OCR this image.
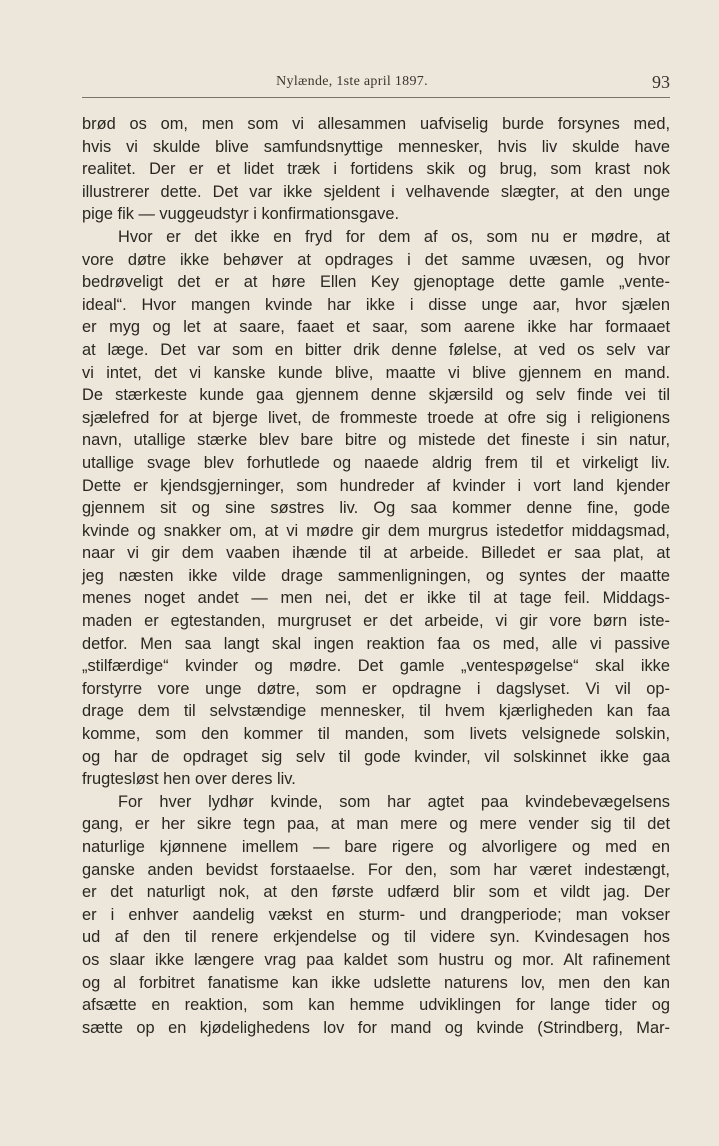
Nylænde, 1ste april 1897.	93
brød os om, men som vi allesammen uafviselig burde forsynes med,
hvis vi skulde blive samfundsnyttige mennesker, hvis liv skulde have
realitet. Der er et lidet træk i fortidens skik og brug, som krast nok
illustrerer dette. Det var ikke sjeldent i velhavende slægter, at den unge
pige fik — vuggeudstyr i konfirmationsgave.
Hvor er det ikke en fryd for dem af os, som nu er mødre, at
vore døtre ikke behøver at opdrages i det samme uvæsen, og hvor
bedrøveligt det er at høre Ellen Key gjenoptage dette gamle „vente-
ideal“. Hvor mangen kvinde har ikke i disse unge aar, hvor sjælen
er myg og let at saare, faaet et saar, som aarene ikke har formaaet
at læge. Det var som en bitter drik denne følelse, at ved os selv var
vi intet, det vi kanske kunde blive, maatte vi blive gjennem en mand.
De stærkeste kunde gaa gjennem denne skjærsild og selv finde vei til
sjælefred for at bjerge livet, de frommeste troede at ofre sig i religionens
navn, utallige stærke blev bare bitre og mistede det fineste i sin natur,
utallige svage blev forhutlede og naaede aldrig frem til et virkeligt liv.
Dette er kjendsgjerninger, som hundreder af kvinder i vort land kjender
gjennem sit og sine søstres liv. Og saa kommer denne fine, gode
kvinde og snakker om, at vi mødre gir dem murgrus istedetfor middagsmad,
naar vi gir dem vaaben ihænde til at arbeide. Billedet er saa plat, at
jeg næsten ikke vilde drage sammenligningen, og syntes der maatte
menes noget andet — men nei, det er ikke til at tage feil. Middags-
maden er egtestanden, murgruset er det arbeide, vi gir vore børn iste-
detfor. Men saa langt skal ingen reaktion faa os med, alle vi passive
„stilfærdige“ kvinder og mødre. Det gamle „ventespøgelse“ skal ikke
forstyrre vore unge døtre, som er opdragne i dagslyset. Vi vil op-
drage dem til selvstændige mennesker, til hvem kjærligheden kan faa
komme, som den kommer til manden, som livets velsignede solskin,
og har de opdraget sig selv til gode kvinder, vil solskinnet ikke gaa
frugtesløst hen over deres liv.
For hver lydhør kvinde, som har agtet paa kvindebevægelsens
gang, er her sikre tegn paa, at man mere og mere vender sig til det
naturlige kjønnene imellem — bare rigere og alvorligere og med en
ganske anden bevidst forstaaelse. For den, som har været indestængt,
er det naturligt nok, at den første udfærd blir som et vildt jag. Der
er i enhver aandelig vækst en sturm- und drangperiode; man vokser
ud af den til renere erkjendelse og til videre syn. Kvindesagen hos
os slaar ikke længere vrag paa kaldet som hustru og mor. Alt rafinement
og al forbitret fanatisme kan ikke udslette naturens lov, men den kan
afsætte en reaktion, som kan hemme udviklingen for lange tider og
sætte op en kjødelighedens lov for mand og kvinde (Strindberg, Mar-
